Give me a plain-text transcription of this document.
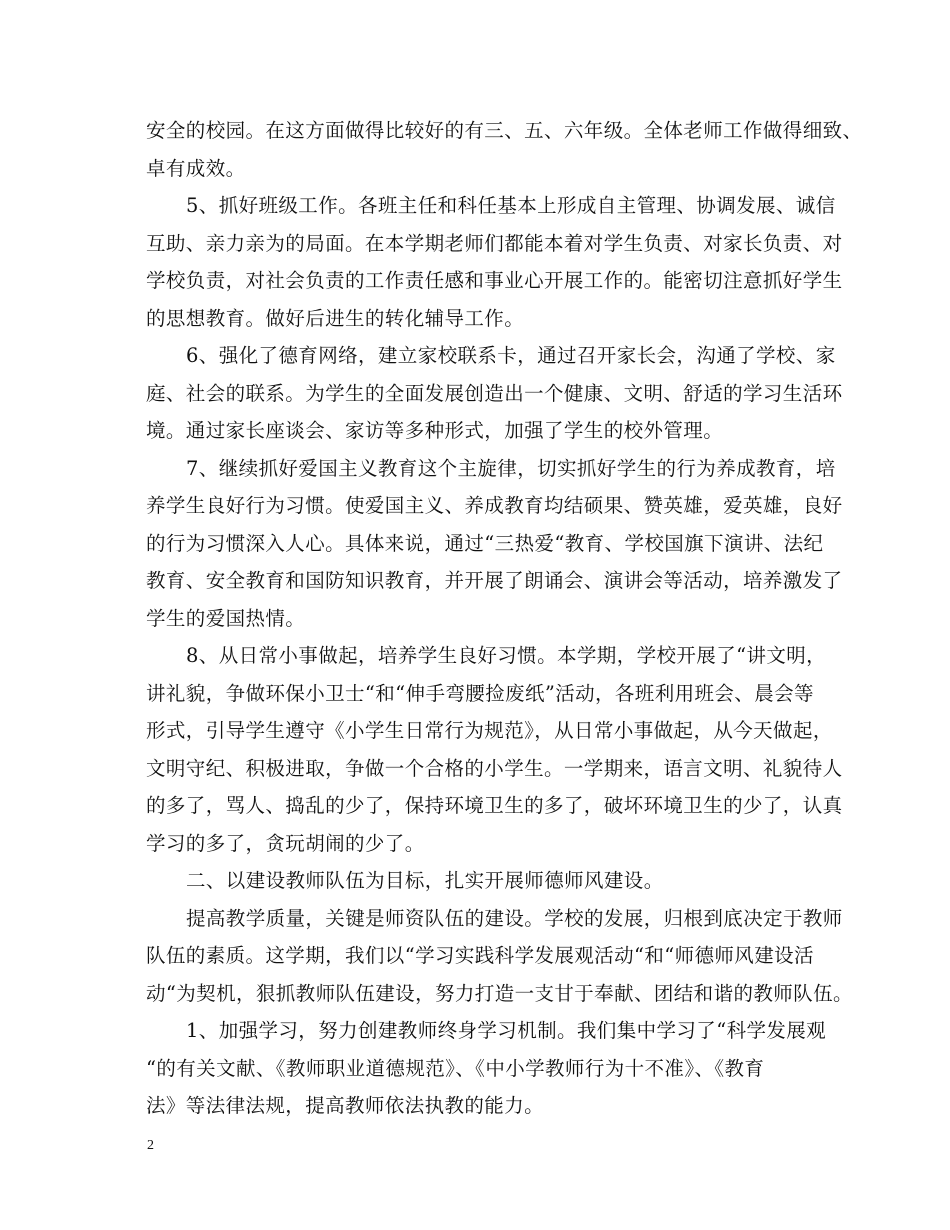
安全的校园。在这方面做得比较好的有三、五、六年级。全体老师工作做得细致、
卓有成效。
5、抓好班级工作。各班主任和科任基本上形成自主管理、协调发展、诚信
互助、亲力亲为的局面。在本学期老师们都能本着对学生负责、对家长负责、对
学校负责，对社会负责的工作责任感和事业心开展工作的。能密切注意抓好学生
的思想教育。做好后进生的转化辅导工作。
6、强化了德育网络，建立家校联系卡，通过召开家长会，沟通了学校、家
庭、社会的联系。为学生的全面发展创造出一个健康、文明、舒适的学习生活环
境。通过家长座谈会、家访等多种形式，加强了学生的校外管理。
7、继续抓好爱国主义教育这个主旋律，切实抓好学生的行为养成教育，培
养学生良好行为习惯。使爱国主义、养成教育均结硕果、赞英雄，爱英雄，良好
的行为习惯深入人心。具体来说，通过“三热爱“教育、学校国旗下演讲、法纪
教育、安全教育和国防知识教育，并开展了朗诵会、演讲会等活动，培养激发了
学生的爱国热情。
8、从日常小事做起，培养学生良好习惯。本学期，学校开展了“讲文明，
讲礼貌，争做环保小卫士“和“伸手弯腰捡废纸”活动，各班利用班会、晨会等
形式，引导学生遵守《小学生日常行为规范》，从日常小事做起，从今天做起，
文明守纪、积极进取，争做一个合格的小学生。一学期来，语言文明、礼貌待人
的多了，骂人、捣乱的少了，保持环境卫生的多了，破坏环境卫生的少了，认真
学习的多了，贪玩胡闹的少了。
二、以建设教师队伍为目标，扎实开展师德师风建设。
提高教学质量，关键是师资队伍的建设。学校的发展，归根到底决定于教师
队伍的素质。这学期，我们以“学习实践科学发展观活动“和“师德师风建设活
动“为契机，狠抓教师队伍建设，努力打造一支甘于奉献、团结和谐的教师队伍。
1、加强学习，努力创建教师终身学习机制。我们集中学习了“科学发展观
“的有关文献、《教师职业道德规范》、《中小学教师行为十不准》、《教育
法》等法律法规，提高教师依法执教的能力。
2
